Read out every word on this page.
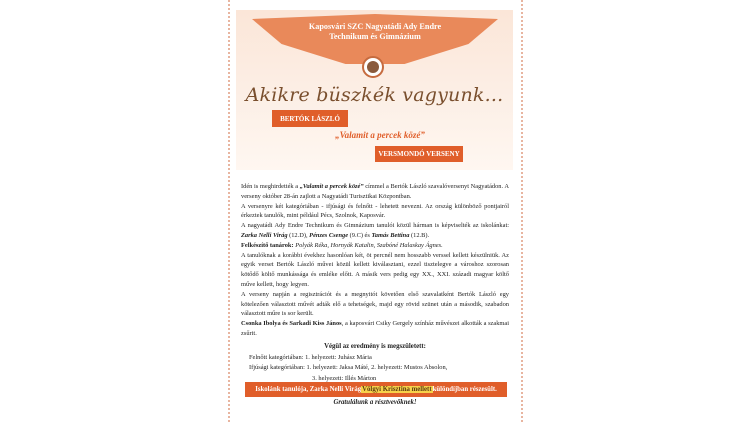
Kaposvári SZC Nagyatádi Ady Endre
Technikum és Gimnázium
Akikre büszkék vagyunk...
BERTÓK LÁSZLÓ
„Valamit a percek közé”
VERSMONDÓ VERSENY

Idén is meghirdették a „Valamit a percek közé” címmel a Bertók László szavalóversenyt Nagyatádon. A verseny október 28-án zajlott a Nagyatádi Turisztikai Központban.

A versenyre két kategóriában - ifjúsági és felnőtt - lehetett nevezni. Az ország különböző pontjairól érkeztek tanulók, mint például Pécs, Szolnok, Kaposvár.

A nagyatádi Ady Endre Technikum és Gimnázium tanulói közül hárman is képviselték az iskolánkat: Zarka Nelli Virág (12.D), Pénzes Csenge (9.C) és Tamás Bettina (12.B).

Felkészítő tanárok: Polyák Réka, Hornyák Katalin, Szabóné Halaskay Ágnes.

A tanulóknak a korábbi évekhez hasonlóan két, öt percnél nem hosszabb verssel kellett készülniük. Az egyik verset Bertók László művei közül kellett kiválasztani, ezzel tisztelegve a városhoz szorosan kötődő költő munkássága és emléke előtt. A másik vers pedig egy XX., XXI. századi magyar költő műve kellett, hogy legyen.

A verseny napján a regisztrációt és a megnyitót követően első szavalatként Bertók László egy kötelezően választott művét adták elő a tehetségek, majd egy rövid szünet után a második, szabadon választott műre is sor került.

Csonka Ibolya és Sarkadi Kiss János, a kaposvári Csiky Gergely színház művészei alkották a szakmai zsűrit.

Végül az eredmény is megszületett:
Felnőtt kategóriában: 1. helyezett: Juhász Mária
Ifjúsági kategóriában: 1. helyezett: Jaksa Máté, 2. helyezett: Mustos Absolon,
3. helyezett: Illés Márton
Iskolánk tanulója, Zarka Nelli Virág Völgyi Krisztina mellett különdíjban részesült.
Gratulálunk a résztvevőknek!
